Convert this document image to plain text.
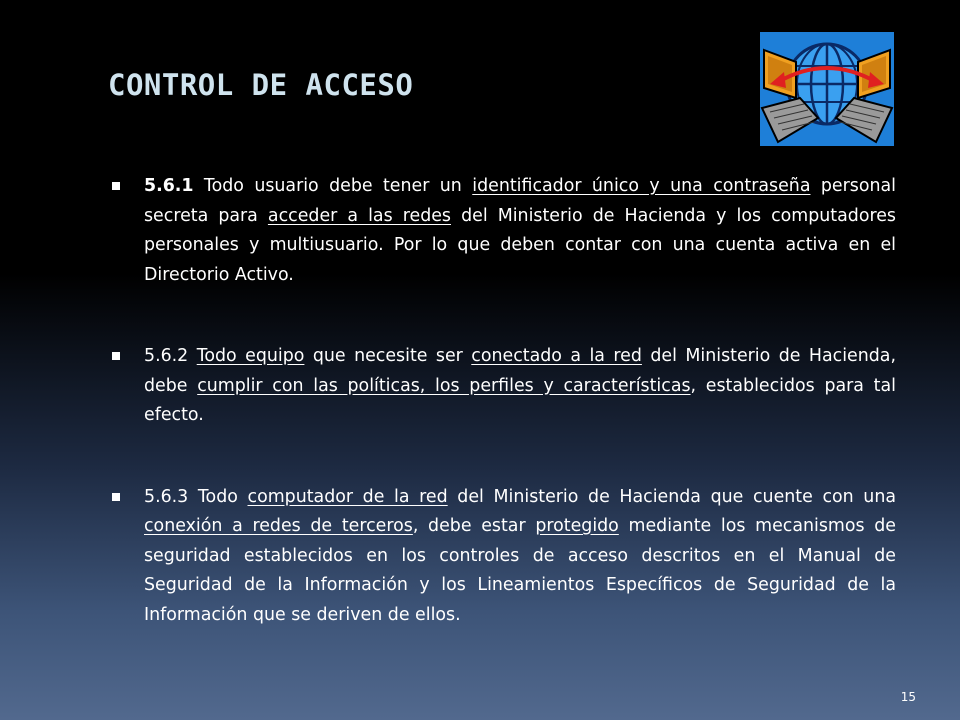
CONTROL DE ACCESO

5.6.1 Todo usuario debe tener un identificador único y una contraseña personal secreta para acceder a las redes del Ministerio de Hacienda y los computadores personales y multiusuario. Por lo que deben contar con una cuenta activa en el Directorio Activo.

5.6.2 Todo equipo que necesite ser conectado a la red del Ministerio de Hacienda, debe cumplir con las políticas, los perfiles y características, establecidos para tal efecto.

5.6.3 Todo computador de la red del Ministerio de Hacienda que cuente con una conexión a redes de terceros, debe estar protegido mediante los mecanismos de seguridad establecidos en los controles de acceso descritos en el Manual de Seguridad de la Información y los Lineamientos Específicos de Seguridad de la Información que se deriven de ellos.

15
